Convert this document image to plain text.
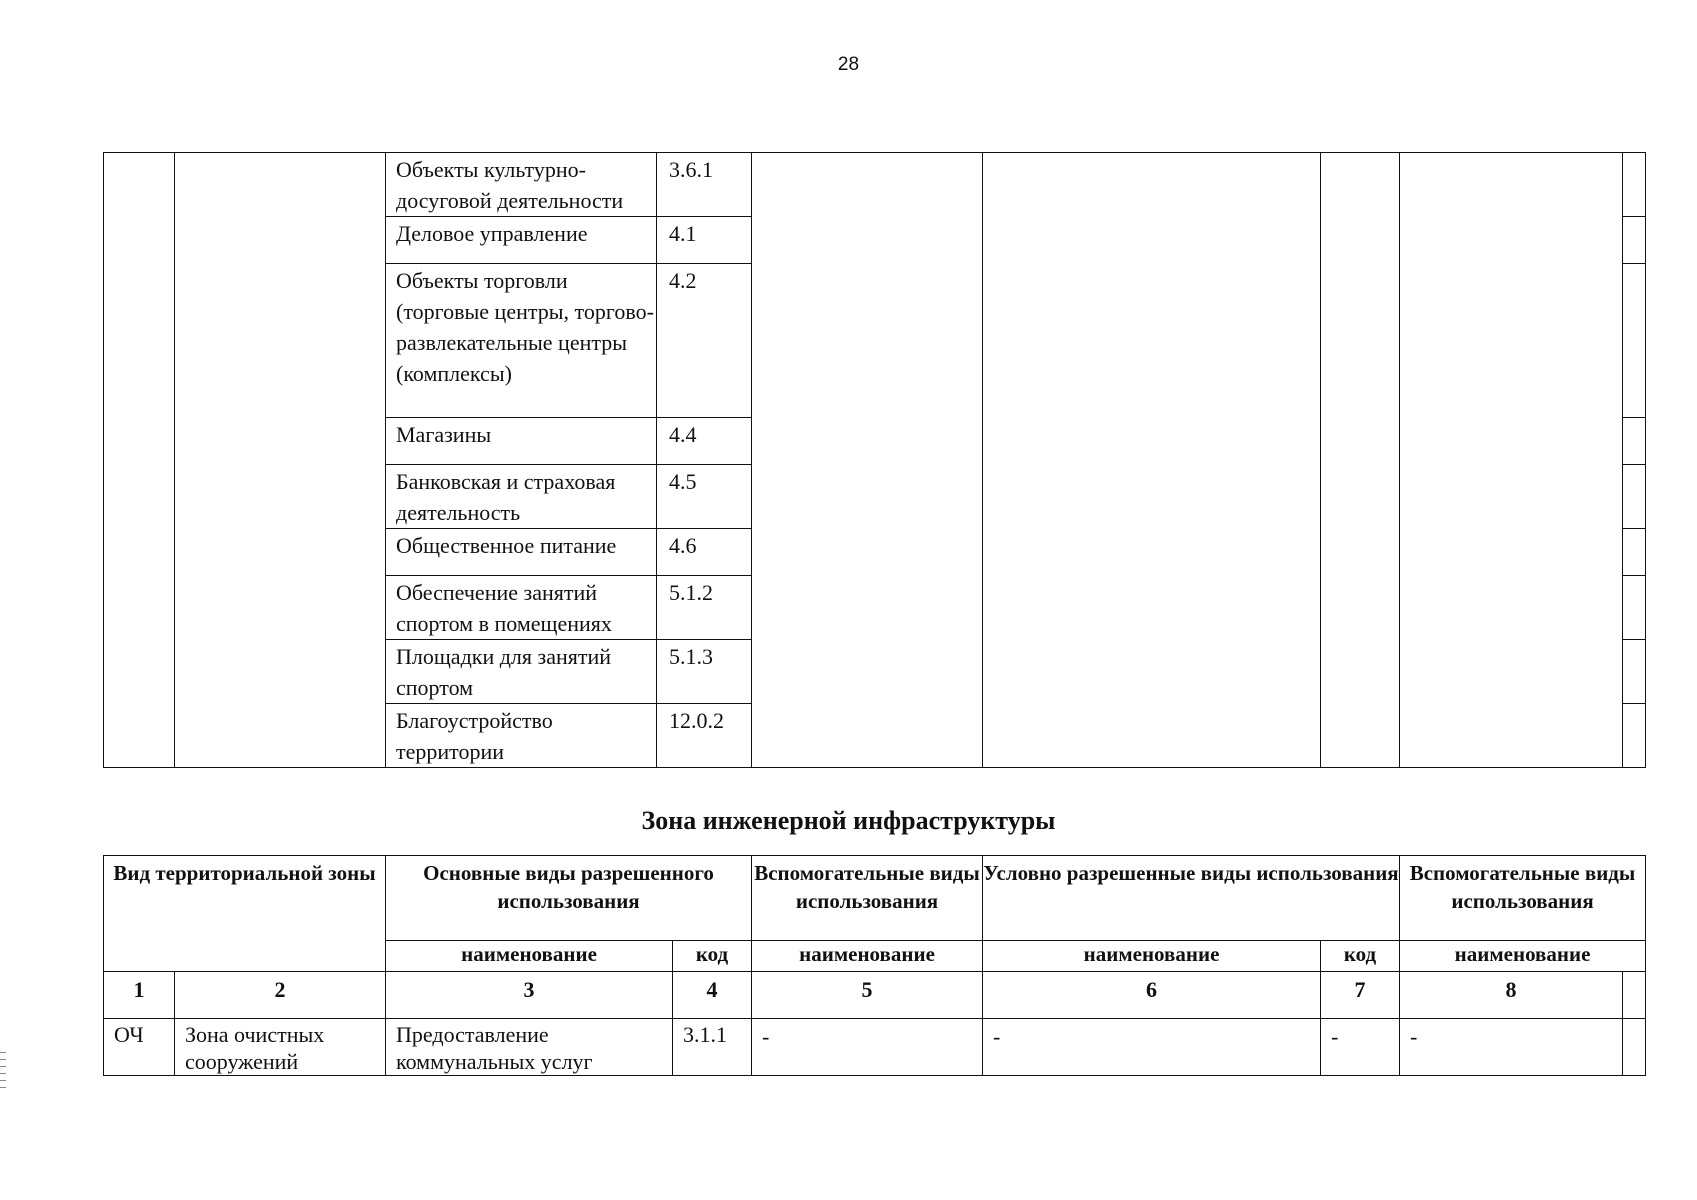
28
		Объекты культурно-досуговой деятельности	3.6.1					
		Деловое управление	4.1					
		Объекты торговли (торговые центры, торгово-развлекательные центры (комплексы)	4.2					
		Магазины	4.4					
		Банковская и страховая деятельность	4.5					
		Общественное питание	4.6					
		Обеспечение занятий спортом в помещениях	5.1.2					
		Площадки для занятий спортом	5.1.3					
		Благоустройство территории	12.0.2					
Зона инженерной инфраструктуры
Вид территориальной зоны		Основные виды разрешенного использования		Вспомогательные виды использования	Условно разрешенные виды использования		Вспомогательные виды использования	
		наименование	код	наименование	наименование	код	наименование	
1	2	3	4	5	6	7	8	
ОЧ	Зона очистных сооружений	Предоставление коммунальных услуг	3.1.1	-	-	-	-	
